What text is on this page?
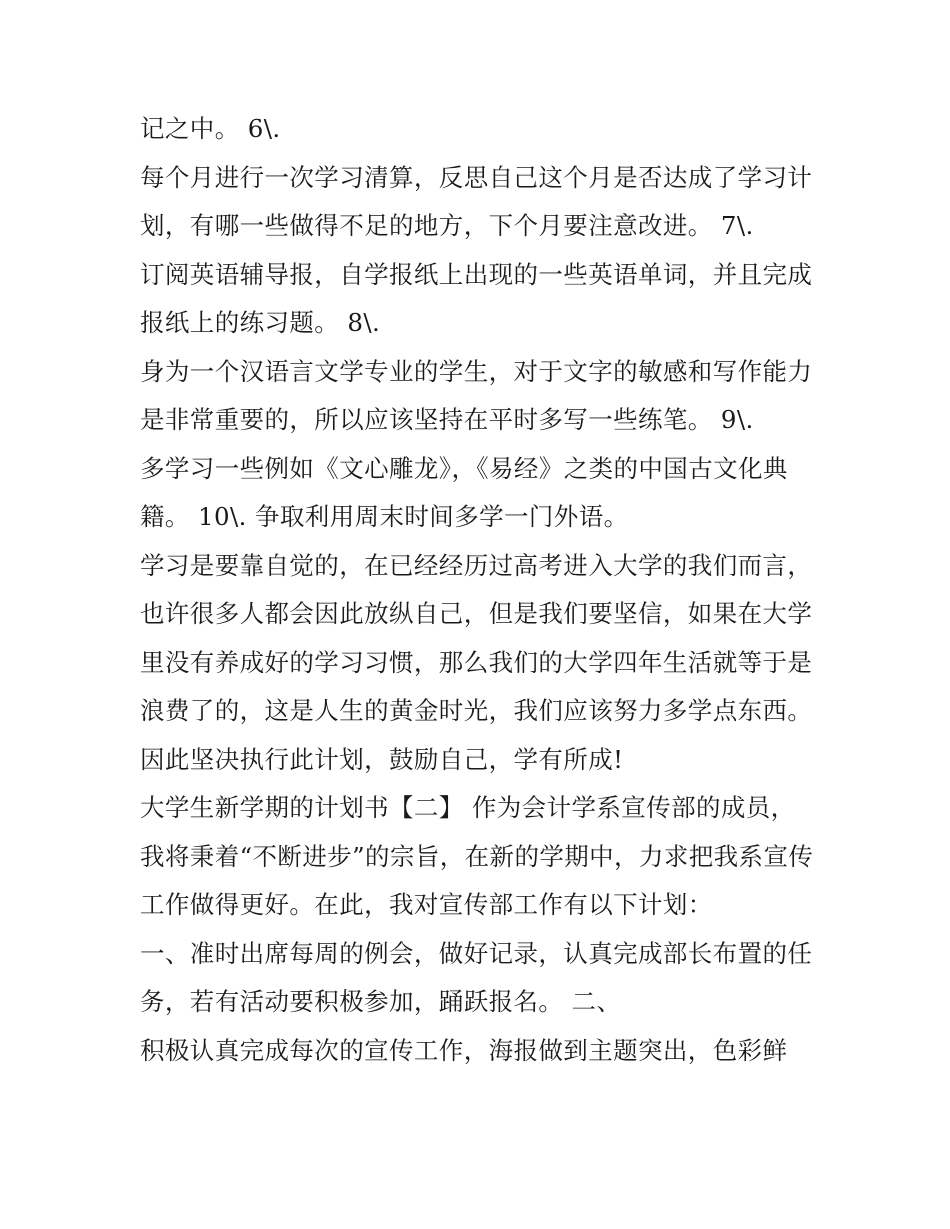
记之中。 6\.
每个月进行一次学习清算，反思自己这个月是否达成了学习计
划，有哪一些做得不足的地方，下个月要注意改进。 7\.
订阅英语辅导报，自学报纸上出现的一些英语单词，并且完成
报纸上的练习题。 8\.
身为一个汉语言文学专业的学生，对于文字的敏感和写作能力
是非常重要的，所以应该坚持在平时多写一些练笔。 9\.
多学习一些例如《文心雕龙》，《易经》之类的中国古文化典
籍。 10\. 争取利用周末时间多学一门外语。
学习是要靠自觉的，在已经经历过高考进入大学的我们而言，
也许很多人都会因此放纵自己，但是我们要坚信，如果在大学
里没有养成好的学习习惯，那么我们的大学四年生活就等于是
浪费了的，这是人生的黄金时光，我们应该努力多学点东西。
因此坚决执行此计划，鼓励自己，学有所成!
大学生新学期的计划书【二】 作为会计学系宣传部的成员，
我将秉着“不断进步”的宗旨，在新的学期中，力求把我系宣传
工作做得更好。在此，我对宣传部工作有以下计划：
一、准时出席每周的例会，做好记录，认真完成部长布置的任
务，若有活动要积极参加，踊跃报名。 二、
积极认真完成每次的宣传工作，海报做到主题突出，色彩鲜
